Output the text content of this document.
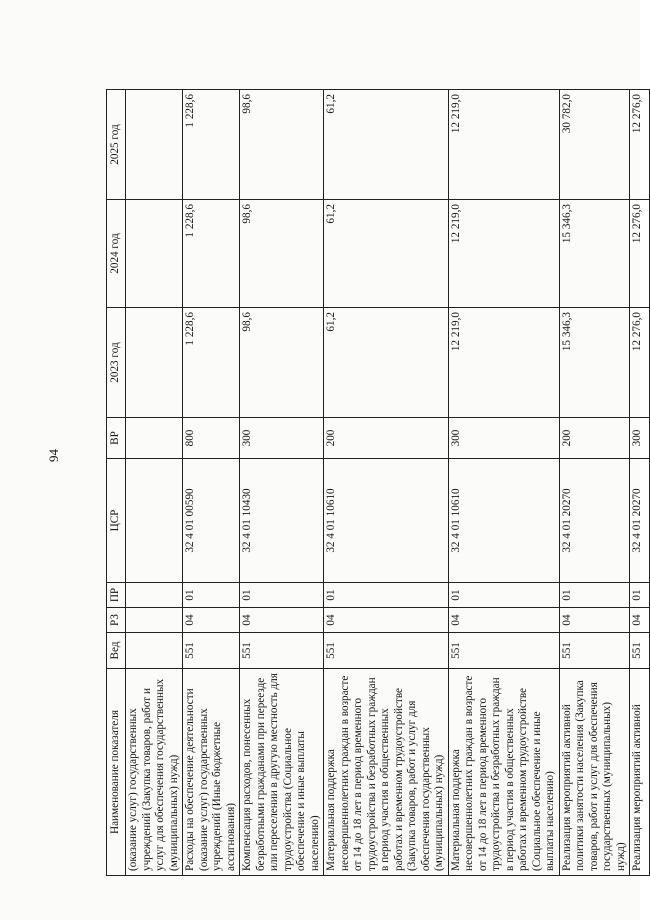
94
Наименование показателя	Вед	РЗ	ПР	ЦСР	ВР	2023 год	2024 год	2025 год
(оказание услуг) государственных учреждений (Закупка товаров, работ и услуг для обеспечения государственных (муниципальных) нужд)								
Расходы на обеспечение деятельности (оказание услуг) государственных учреждений (Иные бюджетные ассигнования)	551	04	01	32 4 01 00590	800	1 228,6	1 228,6	1 228,6
Компенсация расходов, понесенных безработными гражданами при переезде или переселении в другую местность для трудоустройства (Социальное обеспечение и иные выплаты населению)	551	04	01	32 4 01 10430	300	98,6	98,6	98,6
Материальная поддержка несовершеннолетних граждан в возрасте от 14 до 18 лет в период временного трудоустройства и безработных граждан в период участия в общественных работах и временном трудоустройстве (Закупка товаров, работ и услуг для обеспечения государственных (муниципальных) нужд)	551	04	01	32 4 01 10610	200	61,2	61,2	61,2
Материальная поддержка несовершеннолетних граждан в возрасте от 14 до 18 лет в период временного трудоустройства и безработных граждан в период участия в общественных работах и временном трудоустройстве (Социальное обеспечение и иные выплаты населению)	551	04	01	32 4 01 10610	300	12 219,0	12 219,0	12 219,0
Реализация мероприятий активной политики занятости населения (Закупка товаров, работ и услуг для обеспечения государственных (муниципальных) нужд)	551	04	01	32 4 01 20270	200	15 346,3	15 346,3	30 782,0
Реализация мероприятий активной	551	04	01	32 4 01 20270	300	12 276,0	12 276,0	12 276,0
